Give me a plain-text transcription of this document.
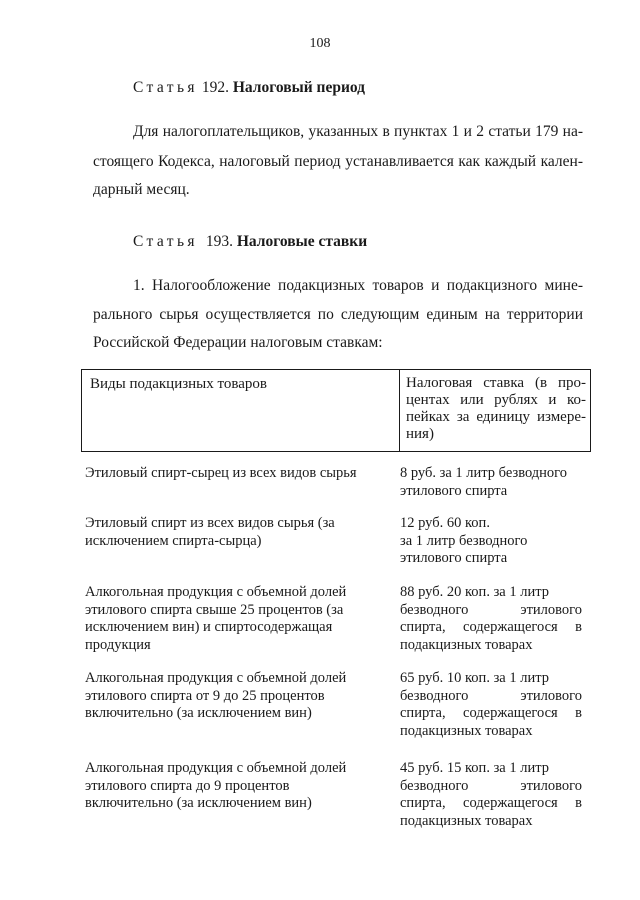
108
Статья 192. Налоговый период
Для налогоплательщиков, указанных в пунктах 1 и 2 статьи 179 на-
стоящего Кодекса, налоговый период устанавливается как каждый кален-
дарный месяц.
Статья 193. Налоговые ставки
1. Налогообложение подакцизных товаров и подакцизного мине-
рального сырья осуществляется по следующим единым на территории
Российской Федерации налоговым ставкам:
Виды подакцизных товаров	Налоговая ставка (в про-
центах или рублях и ко-
пейках за единицу измере-
ния)
Этиловый спирт-сырец из всех видов сырья	8 руб. за 1 литр безводного
этилового спирта
Этиловый спирт из всех видов сырья (за
исключением спирта-сырца)
12 руб. 60 коп.
за 1 литр безводного
этилового спирта
Алкогольная продукция с объемной долей
этилового спирта свыше 25 процентов (за
исключением вин) и спиртосодержащая
продукция
88 руб. 20 коп. за 1 литр
безводного этилового
спирта, содержащегося в
подакцизных товарах
Алкогольная продукция с объемной долей
этилового спирта от 9 до 25 процентов
включительно (за исключением вин)
65 руб. 10 коп. за 1 литр
безводного этилового
спирта, содержащегося в
подакцизных товарах
Алкогольная продукция с объемной долей
этилового спирта до 9 процентов
включительно (за исключением вин)
45 руб. 15 коп. за 1 литр
безводного этилового
спирта, содержащегося в
подакцизных товарах
